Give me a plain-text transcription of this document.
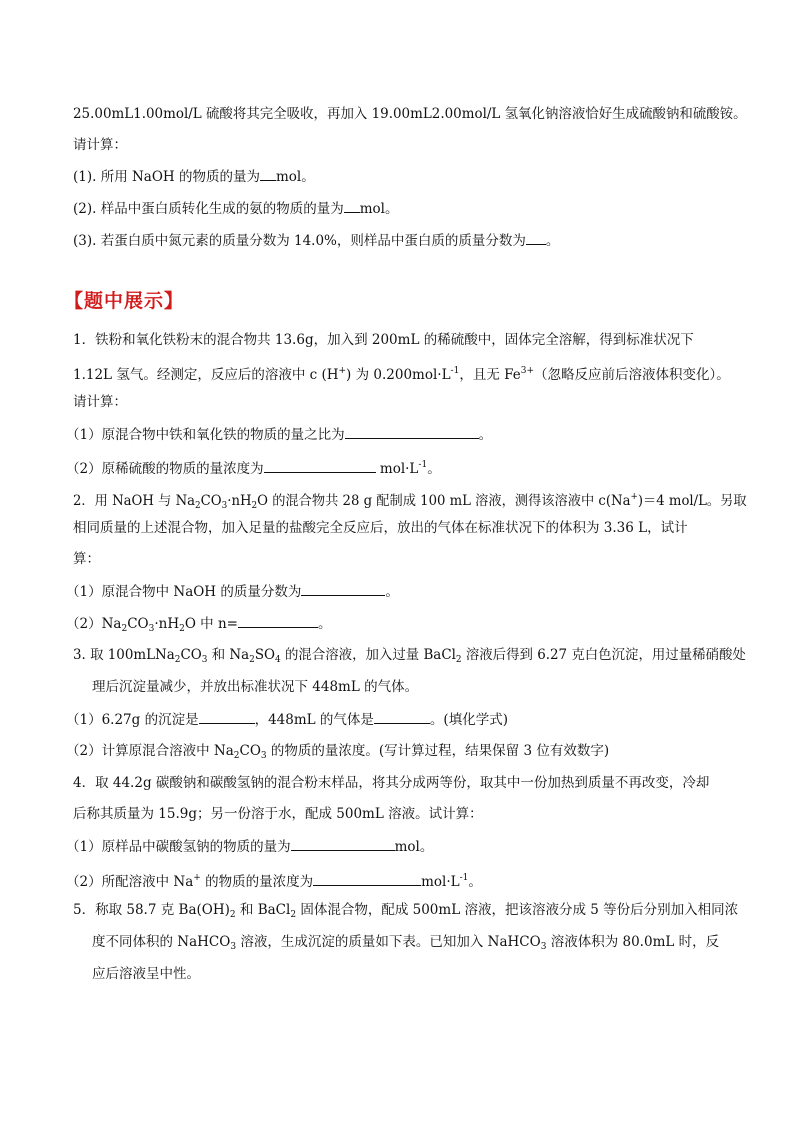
25.00mL1.00mol/L 硫酸将其完全吸收，再加入 19.00mL2.00mol/L 氢氧化钠溶液恰好生成硫酸钠和硫酸铵。
请计算：
(1). 所用 NaOH 的物质的量为 mol。
(2). 样品中蛋白质转化生成的氨的物质的量为 mol。
(3). 若蛋白质中氮元素的质量分数为 14.0%，则样品中蛋白质的质量分数为 。
【题中展示】
1．铁粉和氧化铁粉末的混合物共 13.6g，加入到 200mL 的稀硫酸中，固体完全溶解，得到标准状况下
1.12L 氢气。经测定，反应后的溶液中 c (H+) 为 $0.200mol\cdot L^{-1}$，且无 $Fe^{3+}$（忽略反应前后溶液体积变化）。
请计算：
（1）原混合物中铁和氧化铁的物质的量之比为	。
（2）原稀硫酸的物质的量浓度为	$mol\cdot L^{-1}$。
2．用 NaOH 与 $Na_2CO_3\cdot nH_2O$ 的混合物共 28 g 配制成 100 mL 溶液，测得该溶液中 c(Na+)＝4 mol/L。另取
相同质量的上述混合物，加入足量的盐酸完全反应后，放出的气体在标准状况下的体积为 3.36 L，试计
算：
（1）原混合物中 NaOH 的质量分数为	。
$(2)Na_2CO_3\cdot nH_2O$ 中 n=	。
3. 取 $100mLNa_2CO_3$ 和 $Na_2SO_4$ 的混合溶液，加入过量 BaCl$_2$ 溶液后得到 6.27 克白色沉淀，用过量稀硝酸处
理后沉淀量减少，并放出标准状况下 448mL 的气体。
（1）6.27g 的沉淀是	，448mL 的气体是	。(填化学式)
（2）计算原混合溶液中 $Na_2CO_3$ 的物质的量浓度。(写计算过程，结果保留 3 位有效数字)
4．取 44.2g 碳酸钠和碳酸氢钠的混合粉末样品，将其分成两等份，取其中一份加热到质量不再改变，冷却
后称其质量为 15.9g；另一份溶于水，配成 500mL 溶液。试计算：
（1）原样品中碳酸氢钠的物质的量为	mol。
（2）所配溶液中 Na+ 的物质的量浓度为	$mol\cdot L^{-1}$。
5．称取 58.7 克 $Ba(OH)_2$ 和 BaCl$_2$ 固体混合物，配成 500mL 溶液，把该溶液分成 5 等份后分别加入相同浓
度不同体积的 NaHCO$_3$ 溶液，生成沉淀的质量如下表。已知加入 NaHCO$_3$ 溶液体积为 80.0mL 时，反
应后溶液呈中性。
